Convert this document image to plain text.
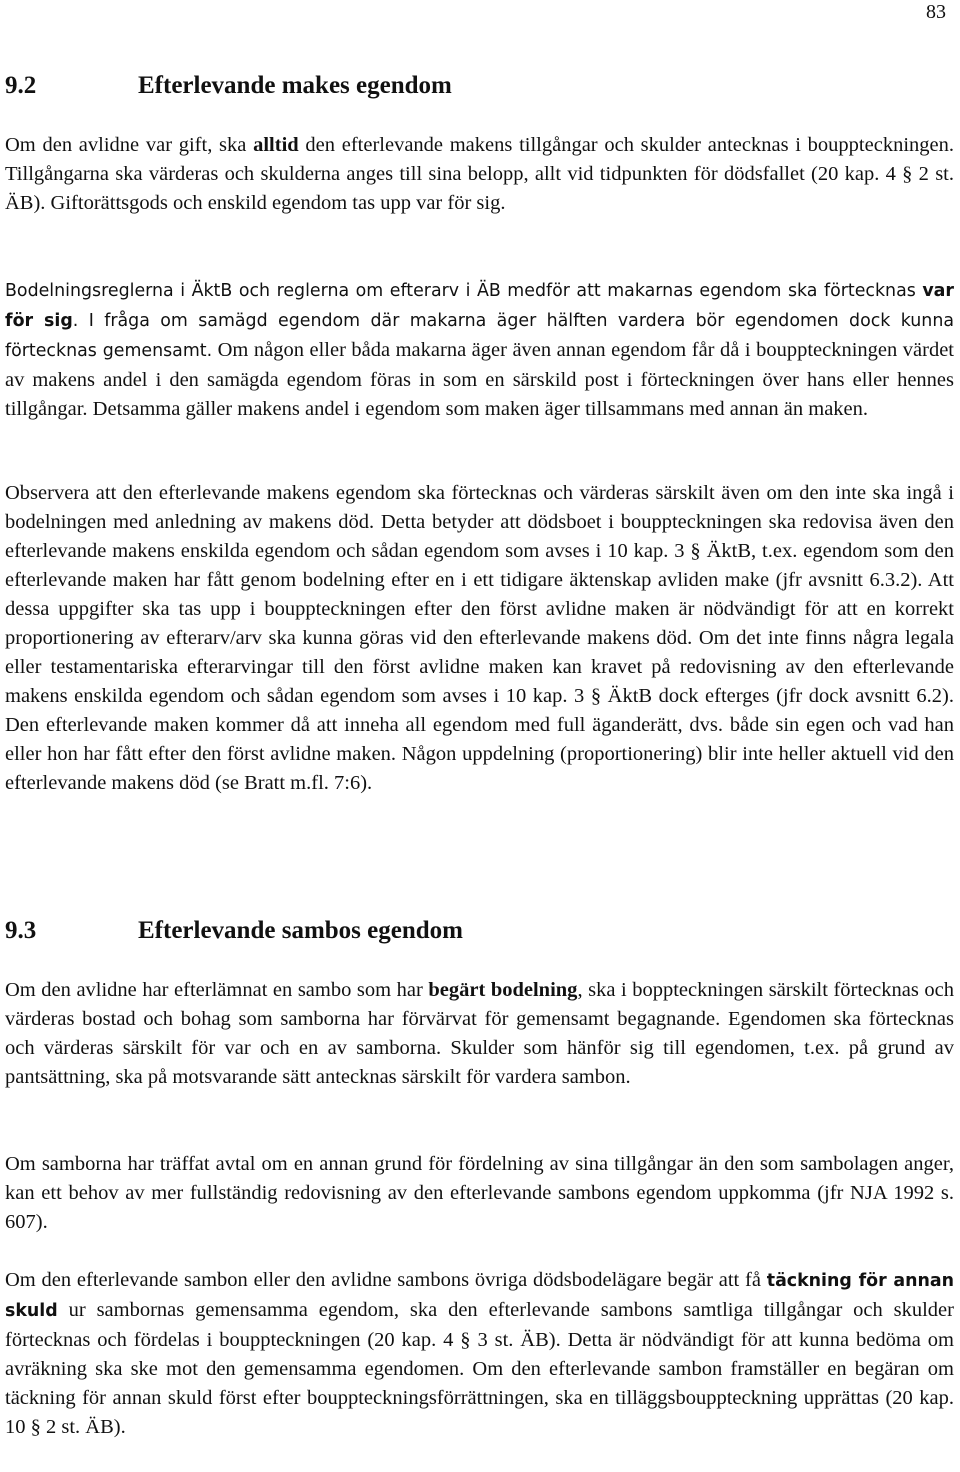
83
9.2	Efterlevande makes egendom

Om den avlidne var gift, ska alltid den efterlevande makens tillgångar och skulder antecknas i bouppteckningen. Tillgångarna ska värderas och skulderna anges till sina belopp, allt vid tidpunkten för dödsfallet (20 kap. 4 § 2 st. ÄB). Giftorättsgods och enskild egendom tas upp var för sig.

Bodelningsreglerna i ÄktB och reglerna om efterarv i ÄB medför att makarnas egendom ska förtecknas var för sig. I fråga om samägd egendom där makarna äger hälften vardera bör egendomen dock kunna förtecknas gemensamt. Om någon eller båda makarna äger även annan egendom får då i bouppteckningen värdet av makens andel i den samägda egendom föras in som en särskild post i förteckningen över hans eller hennes tillgångar. Detsamma gäller makens andel i egendom som maken äger tillsammans med annan än maken.

Observera att den efterlevande makens egendom ska förtecknas och värderas särskilt även om den inte ska ingå i bodelningen med anledning av makens död. Detta betyder att dödsboet i bouppteckningen ska redovisa även den efterlevande makens enskilda egendom och sådan egendom som avses i 10 kap. 3 § ÄktB, t.ex. egendom som den efterlevande maken har fått genom bodelning efter en i ett tidigare äktenskap avliden make (jfr avsnitt 6.3.2). Att dessa uppgifter ska tas upp i bouppteckningen efter den först avlidne maken är nödvändigt för att en korrekt proportionering av efterarv/arv ska kunna göras vid den efterlevande makens död. Om det inte finns några legala eller testamentariska efterarvingar till den först avlidne maken kan kravet på redovisning av den efterlevande makens enskilda egendom och sådan egendom som avses i 10 kap. 3 § ÄktB dock efterges (jfr dock avsnitt 6.2). Den efterlevande maken kommer då att inneha all egendom med full äganderätt, dvs. både sin egen och vad han eller hon har fått efter den först avlidne maken. Någon uppdelning (proportionering) blir inte heller aktuell vid den efterlevande makens död (se Bratt m.fl. 7:6).

9.3	Efterlevande sambos egendom

Om den avlidne har efterlämnat en sambo som har begärt bodelning, ska i boppteckningen särskilt förtecknas och värderas bostad och bohag som samborna har förvärvat för gemensamt begagnande. Egendomen ska förtecknas och värderas särskilt för var och en av samborna. Skulder som hänför sig till egendomen, t.ex. på grund av pantsättning, ska på motsvarande sätt antecknas särskilt för vardera sambon.

Om samborna har träffat avtal om en annan grund för fördelning av sina tillgångar än den som sambolagen anger, kan ett behov av mer fullständig redovisning av den efterlevande sambons egendom uppkomma (jfr NJA 1992 s. 607).

Om den efterlevande sambon eller den avlidne sambons övriga dödsbodelägare begär att få täckning för annan skuld ur sambornas gemensamma egendom, ska den efterlevande sambons samtliga tillgångar och skulder förtecknas och fördelas i bouppteckningen (20 kap. 4 § 3 st. ÄB). Detta är nödvändigt för att kunna bedöma om avräkning ska ske mot den gemensamma egendomen. Om den efterlevande sambon framställer en begäran om täckning för annan skuld först efter bouppteckningsförrättningen, ska en tilläggsbouppteckning upprättas (20 kap. 10 § 2 st. ÄB).
